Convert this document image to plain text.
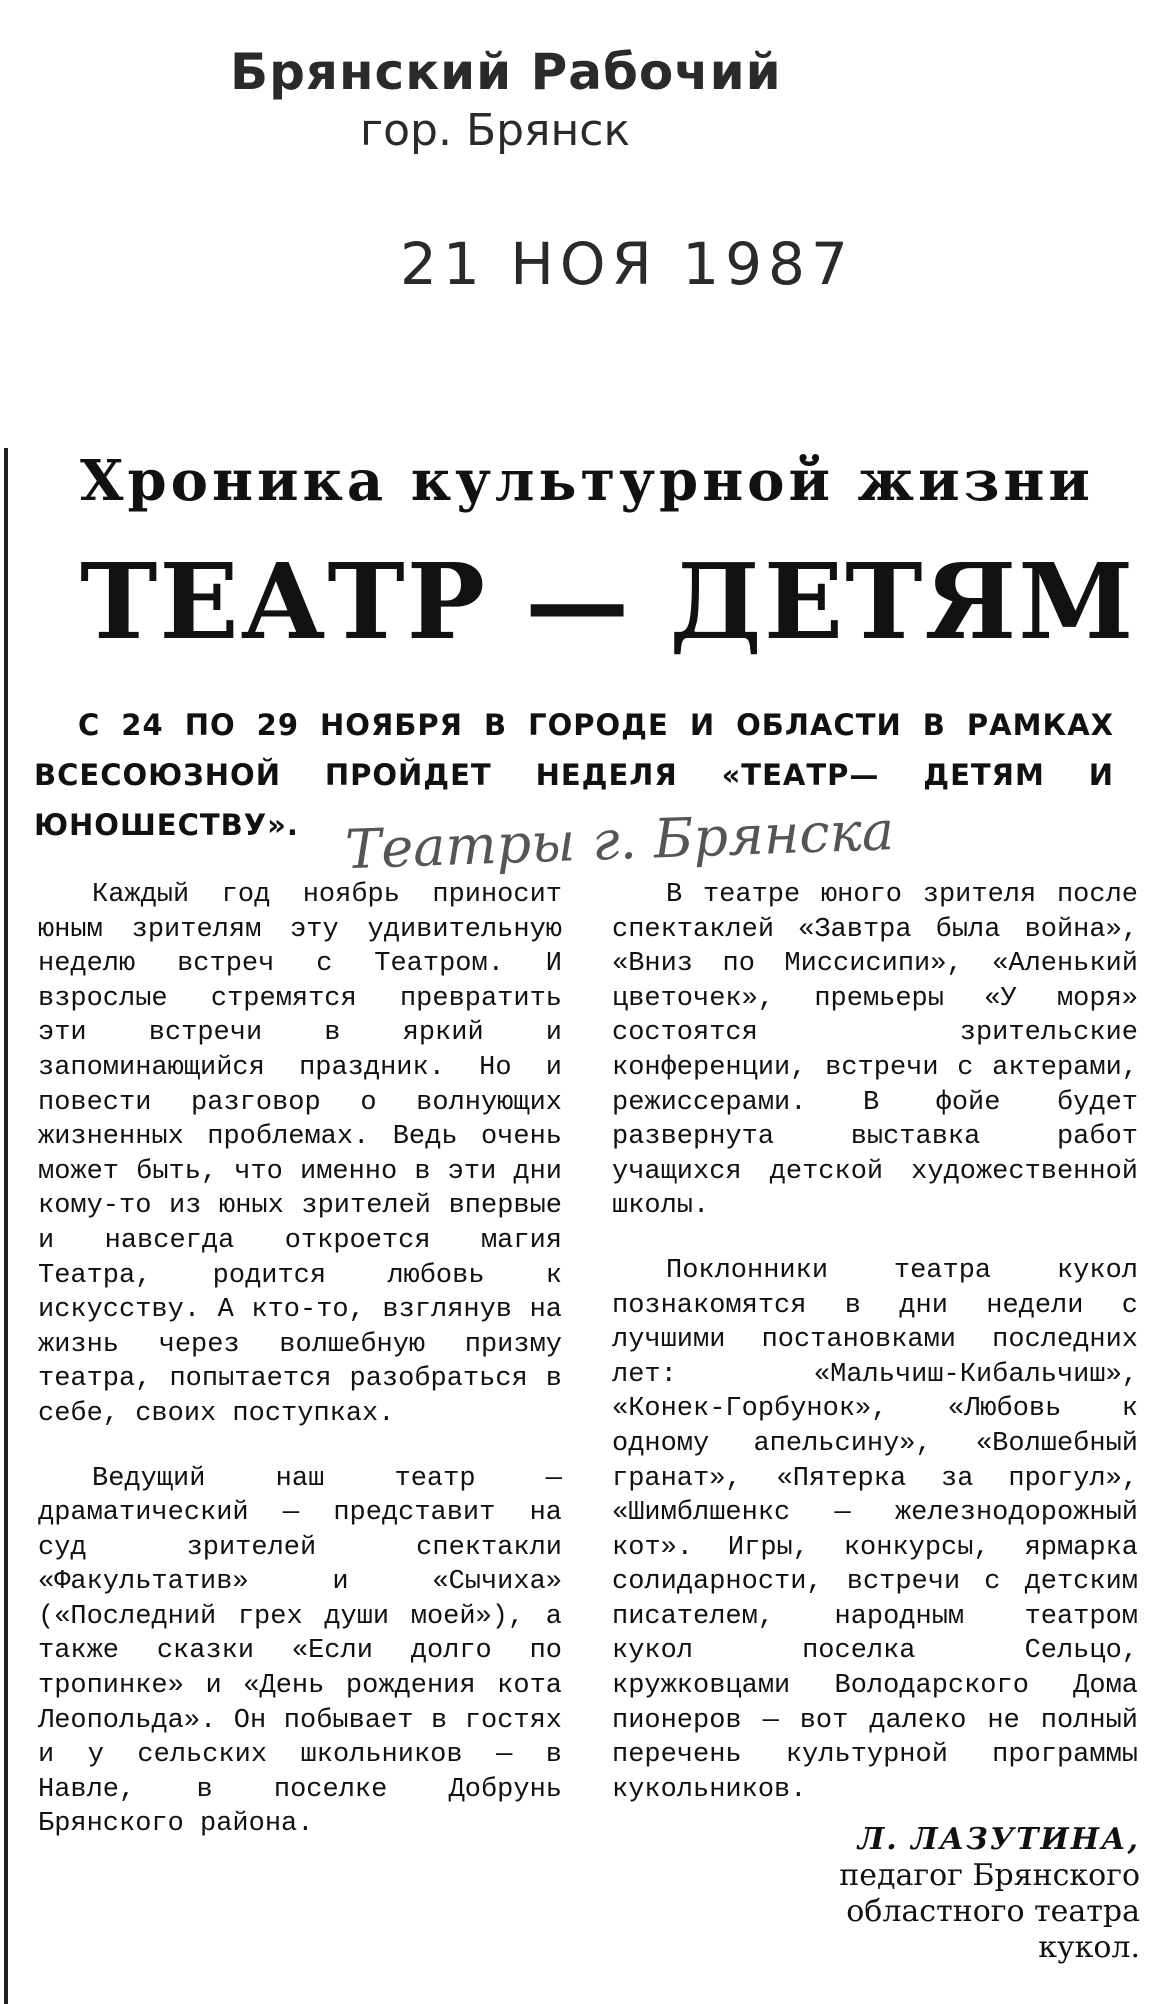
Брянский Рабочий
гор. Брянск
21 НОЯ 1987
Хроника культурной жизни
ТЕАТР — ДЕТЯМ

С 24 ПО 29 НОЯБРЯ В ГОРОДЕ И ОБЛАСТИ В РАМКАХ ВСЕСОЮЗНОЙ ПРОЙДЕТ НЕДЕЛЯ «ТЕАТР— ДЕТЯМ И ЮНОШЕСТВУ». Театры г. Брянска

Каждый год ноябрь приносит юным зрителям эту удивительную неделю встреч с Театром. И взрослые стремятся превратить эти встречи в яркий и запоминающийся праздник. Но и повести разговор о волнующих жизненных проблемах. Ведь очень может быть, что именно в эти дни кому-то из юных зрителей впервые и навсегда откроется магия Театра, родится любовь к искусству. А кто-то, взглянув на жизнь через волшебную призму театра, попытается разобраться в себе, своих поступках.

Ведущий наш театр — драматический — представит на суд зрителей спектакли «Факультатив» и «Сычиха» («Последний грех души моей»), а также сказки «Если долго по тропинке» и «День рождения кота Леопольда». Он побывает в гостях и у сельских школьников — в Навле, в поселке Добрунь Брянского района.

В театре юного зрителя после спектаклей «Завтра была война», «Вниз по Миссисипи», «Аленький цветочек», премьеры «У моря» состоятся зрительские конференции, встречи с актерами, режиссерами. В фойе будет развернута выставка работ учащихся детской художественной школы.

Поклонники театра кукол познакомятся в дни недели с лучшими постановками последних лет: «Мальчиш-Кибальчиш», «Конек-Горбунок», «Любовь к одному апельсину», «Волшебный гранат», «Пятерка за прогул», «Шимблшенкс — железнодорожный кот». Игры, конкурсы, ярмарка солидарности, встречи с детским писателем, народным театром кукол поселка Сельцо, кружковцами Володарского Дома пионеров — вот далеко не полный перечень культурной программы кукольников.

Л. ЛАЗУТИНА,
педагог Брянского
областного театра кукол.
